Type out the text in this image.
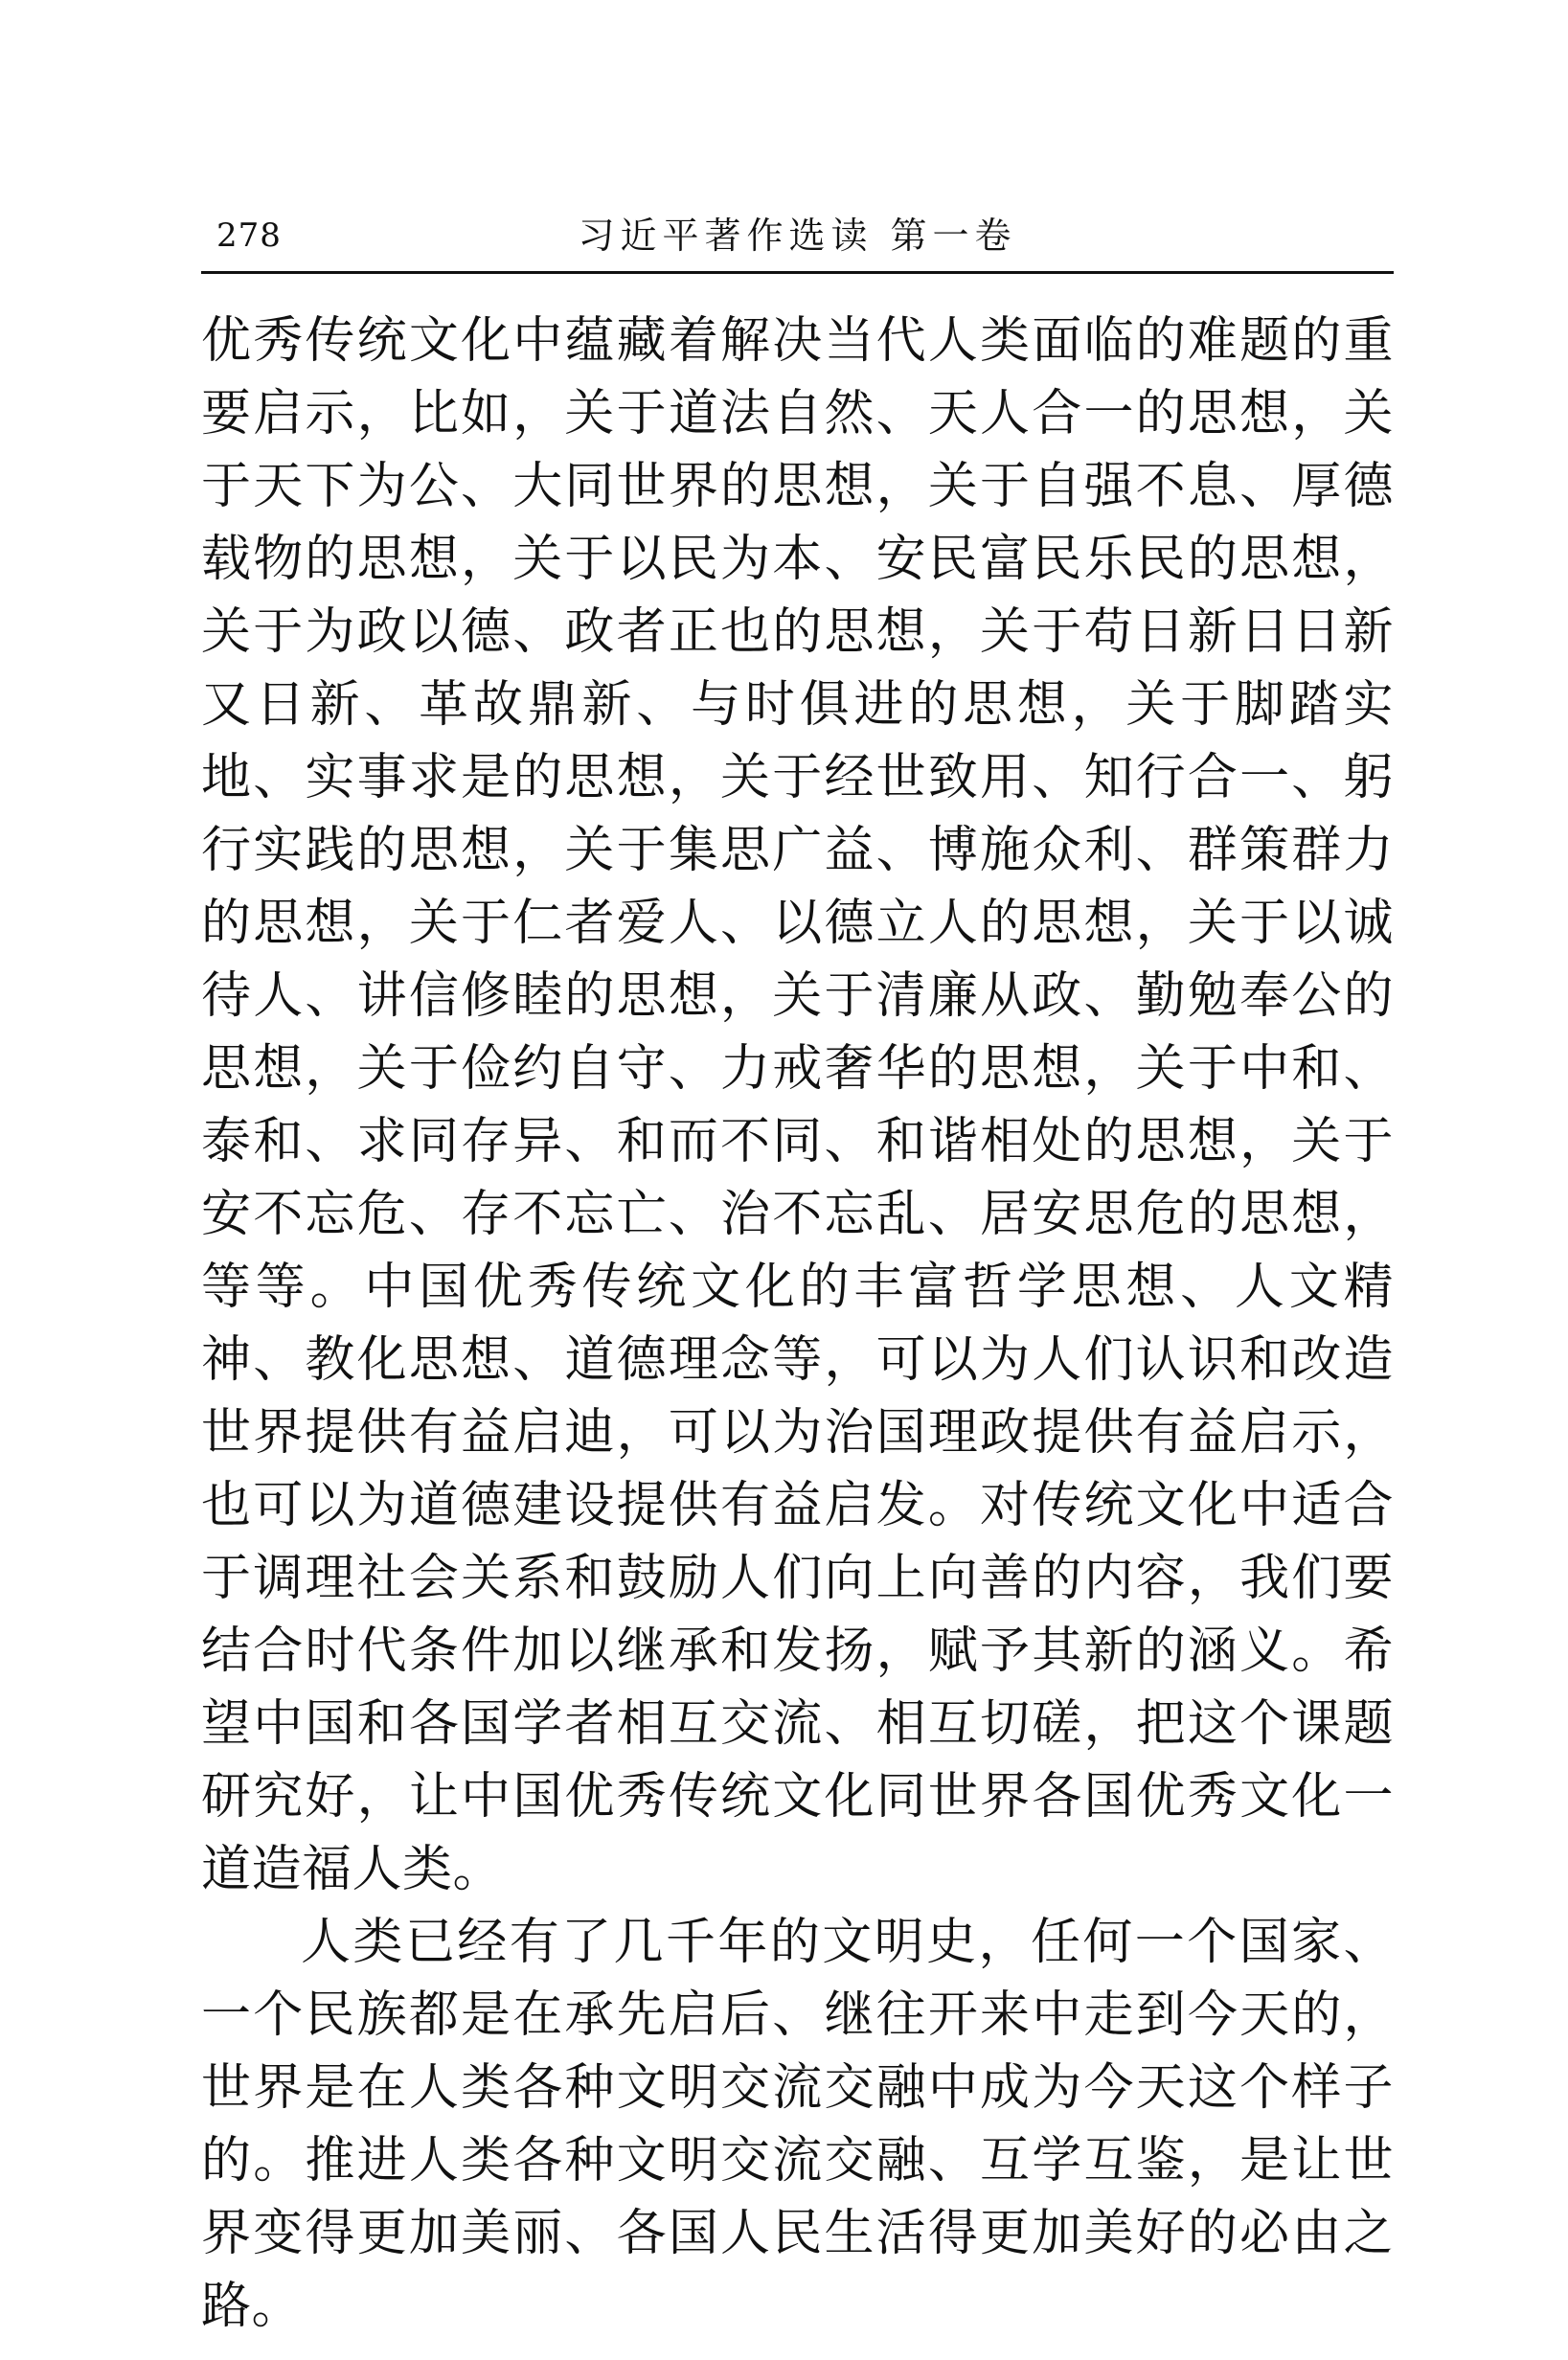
278	习近平著作选读 第一卷

优秀传统文化中蕴藏着解决当代人类面临的难题的重要启示，比如，关于道法自然、天人合一的思想，关于天下为公、大同世界的思想，关于自强不息、厚德载物的思想，关于以民为本、安民富民乐民的思想，关于为政以德、政者正也的思想，关于苟日新日日新又日新、革故鼎新、与时俱进的思想，关于脚踏实地、实事求是的思想，关于经世致用、知行合一、躬行实践的思想，关于集思广益、博施众利、群策群力的思想，关于仁者爱人、以德立人的思想，关于以诚待人、讲信修睦的思想，关于清廉从政、勤勉奉公的思想，关于俭约自守、力戒奢华的思想，关于中和、泰和、求同存异、和而不同、和谐相处的思想，关于安不忘危、存不忘亡、治不忘乱、居安思危的思想，等等。中国优秀传统文化的丰富哲学思想、人文精神、教化思想、道德理念等，可以为人们认识和改造世界提供有益启迪，可以为治国理政提供有益启示，也可以为道德建设提供有益启发。对传统文化中适合于调理社会关系和鼓励人们向上向善的内容，我们要结合时代条件加以继承和发扬，赋予其新的涵义。希望中国和各国学者相互交流、相互切磋，把这个课题研究好，让中国优秀传统文化同世界各国优秀文化一道造福人类。

人类已经有了几千年的文明史，任何一个国家、一个民族都是在承先启后、继往开来中走到今天的，世界是在人类各种文明交流交融中成为今天这个样子的。推进人类各种文明交流交融、互学互鉴，是让世界变得更加美丽、各国人民生活得更加美好的必由之路。
